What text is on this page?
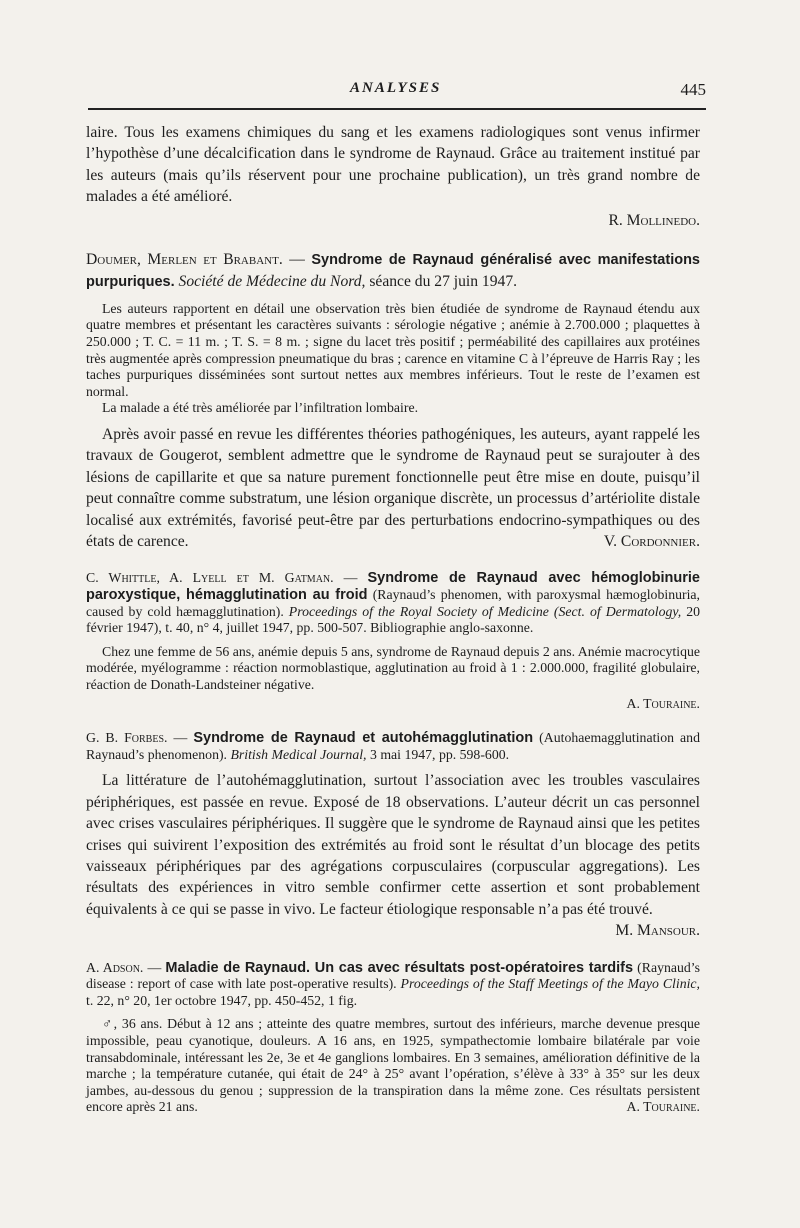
ANALYSES	445

laire. Tous les examens chimiques du sang et les examens radiologiques sont venus infirmer l’hypothèse d’une décalcification dans le syndrome de Raynaud. Grâce au traitement institué par les auteurs (mais qu’ils réservent pour une prochaine publication), un très grand nombre de malades a été amélioré.

R. Mollinedo.

Doumer, Merlen et Brabant. — Syndrome de Raynaud généralisé avec manifestations purpuriques. Société de Médecine du Nord, séance du 27 juin 1947.

Les auteurs rapportent en détail une observation très bien étudiée de syndrome de Raynaud étendu aux quatre membres et présentant les caractères suivants : sérologie négative ; anémie à 2.700.000 ; plaquettes à 250.000 ; T. C. = 11 m. ; T. S. = 8 m. ; signe du lacet très positif ; perméabilité des capillaires aux protéines très augmentée après compression pneumatique du bras ; carence en vitamine C à l’épreuve de Harris Ray ; les taches purpuriques disséminées sont surtout nettes aux membres inférieurs. Tout le reste de l’examen est normal.

La malade a été très améliorée par l’infiltration lombaire.

Après avoir passé en revue les différentes théories pathogéniques, les auteurs, ayant rappelé les travaux de Gougerot, semblent admettre que le syndrome de Raynaud peut se surajouter à des lésions de capillarite et que sa nature purement fonctionnelle peut être mise en doute, puisqu’il peut connaître comme substratum, une lésion organique discrète, un processus d’artériolite distale localisé aux extrémités, favorisé peut-être par des perturbations endocrino-sympathiques ou des états de carence.	V. Cordonnier.

C. Whittle, A. Lyell et M. Gatman. — Syndrome de Raynaud avec hémoglobinurie paroxystique, hémagglutination au froid (Raynaud’s phenomen, with paroxysmal hæmoglobinuria, caused by cold hæmagglutination). Proceedings of the Royal Society of Medicine (Sect. of Dermatology, 20 février 1947), t. 40, n° 4, juillet 1947, pp. 500-507. Bibliographie anglo-saxonne.

Chez une femme de 56 ans, anémie depuis 5 ans, syndrome de Raynaud depuis 2 ans. Anémie macrocytique modérée, myélogramme : réaction normoblastique, agglutination au froid à 1 : 2.000.000, fragilité globulaire, réaction de Donath-Landsteiner négative.

A. Touraine.

G. B. Forbes. — Syndrome de Raynaud et autohémagglutination (Autohaemagglutination and Raynaud’s phenomenon). British Medical Journal, 3 mai 1947, pp. 598-600.

La littérature de l’autohémagglutination, surtout l’association avec les troubles vasculaires périphériques, est passée en revue. Exposé de 18 observations. L’auteur décrit un cas personnel avec crises vasculaires périphériques. Il suggère que le syndrome de Raynaud ainsi que les petites crises qui suivirent l’exposition des extrémités au froid sont le résultat d’un blocage des petits vaisseaux périphériques par des agrégations corpusculaires (corpuscular aggregations). Les résultats des expériences in vitro semble confirmer cette assertion et sont probablement équivalents à ce qui se passe in vivo. Le facteur étiologique responsable n’a pas été trouvé.
M. Mansour.

A. Adson. — Maladie de Raynaud. Un cas avec résultats post-opératoires tardifs (Raynaud’s disease : report of case with late post-operative results). Proceedings of the Staff Meetings of the Mayo Clinic, t. 22, n° 20, 1er octobre 1947, pp. 450-452, 1 fig.

♂, 36 ans. Début à 12 ans ; atteinte des quatre membres, surtout des inférieurs, marche devenue presque impossible, peau cyanotique, douleurs. A 16 ans, en 1925, sympathectomie lombaire bilatérale par voie transabdominale, intéressant les 2e, 3e et 4e ganglions lombaires. En 3 semaines, amélioration définitive de la marche ; la température cutanée, qui était de 24° à 25° avant l’opération, s’élève à 33° à 35° sur les deux jambes, au-dessous du genou ; suppression de la transpiration dans la même zone. Ces résultats persistent encore après 21 ans.	A. Touraine.
